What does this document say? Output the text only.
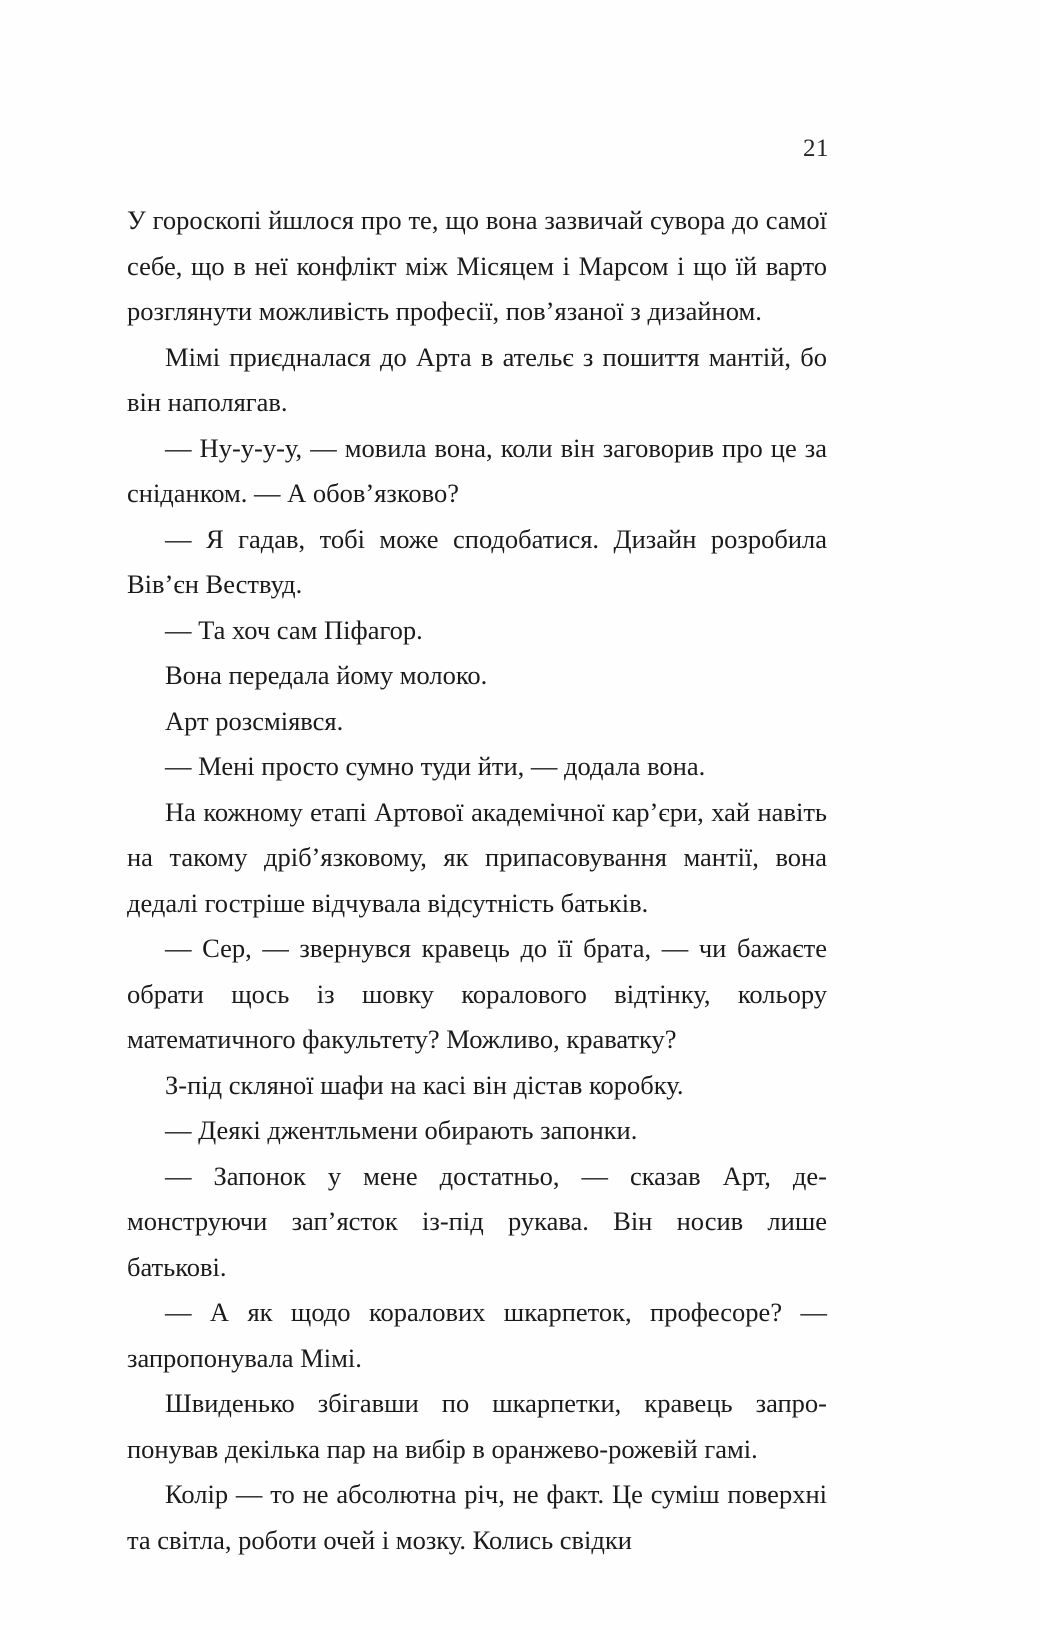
21

У гороскопі йшлося про те, що вона зазвичай сувора до самої себе, що в неї конфлікт між Місяцем і Марсом і що їй варто розглянути можливість професії, пов’язаної з дизайном.

Мімі приєдналася до Арта в ательє з пошиття мантій, бо він наполягав.

— Ну-у-у-у, — мовила вона, коли він заговорив про це за сніданком. — А обов’язково?

— Я гадав, тобі може сподобатися. Дизайн розробила Вів’єн Вествуд.

— Та хоч сам Піфагор.

Вона передала йому молоко.

Арт розсміявся.

— Мені просто сумно туди йти, — додала вона.

На кожному етапі Артової академічної кар’єри, хай навіть на такому дріб’язковому, як припасовування мантії, вона дедалі гостріше відчувала відсутність батьків.

— Сер, — звернувся кравець до її брата, — чи бажаєте обрати щось із шовку коралового відтінку, кольору математичного факультету? Можливо, краватку?

З-під скляної шафи на касі він дістав коробку.

— Деякі джентльмени обирають запонки.

— Запонок у мене достатньо, — сказав Арт, демонструючи зап’ясток із-під рукава. Він носив лише батькові.

— А як щодо коралових шкарпеток, професоре? — запропонувала Мімі.

Швиденько збігавши по шкарпетки, кравець запропонував декілька пар на вибір в оранжево-рожевій гамі.

Колір — то не абсолютна річ, не факт. Це суміш поверхні та світла, роботи очей і мозку. Колись свідки
